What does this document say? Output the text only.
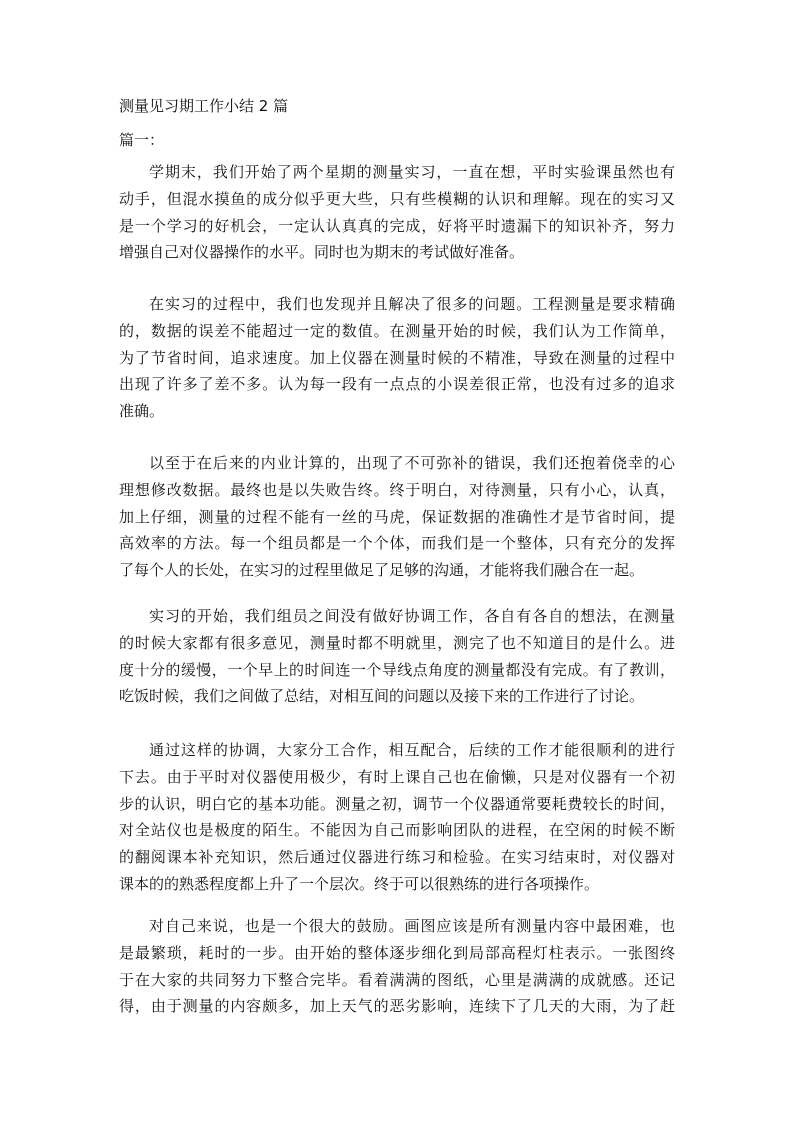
测量见习期工作小结 2 篇
篇一：
学期末，我们开始了两个星期的测量实习，一直在想，平时实验课虽然也有
动手，但混水摸鱼的成分似乎更大些，只有些模糊的认识和理解。现在的实习又
是一个学习的好机会，一定认认真真的完成，好将平时遗漏下的知识补齐，努力
增强自己对仪器操作的水平。同时也为期末的考试做好准备。
在实习的过程中，我们也发现并且解决了很多的问题。工程测量是要求精确
的，数据的误差不能超过一定的数值。在测量开始的时候，我们认为工作简单，
为了节省时间，追求速度。加上仪器在测量时候的不精准，导致在测量的过程中
出现了许多了差不多。认为每一段有一点点的小误差很正常，也没有过多的追求
准确。
以至于在后来的内业计算的，出现了不可弥补的错误，我们还抱着侥幸的心
理想修改数据。最终也是以失败告终。终于明白，对待测量，只有小心，认真，
加上仔细，测量的过程不能有一丝的马虎，保证数据的准确性才是节省时间，提
高效率的方法。每一个组员都是一个个体，而我们是一个整体，只有充分的发挥
了每个人的长处，在实习的过程里做足了足够的沟通，才能将我们融合在一起。
实习的开始，我们组员之间没有做好协调工作，各自有各自的想法，在测量
的时候大家都有很多意见，测量时都不明就里，测完了也不知道目的是什么。进
度十分的缓慢，一个早上的时间连一个导线点角度的测量都没有完成。有了教训，
吃饭时候，我们之间做了总结，对相互间的问题以及接下来的工作进行了讨论。
通过这样的协调，大家分工合作，相互配合，后续的工作才能很顺利的进行
下去。由于平时对仪器使用极少，有时上课自己也在偷懒，只是对仪器有一个初
步的认识，明白它的基本功能。测量之初，调节一个仪器通常要耗费较长的时间，
对全站仪也是极度的陌生。不能因为自己而影响团队的进程，在空闲的时候不断
的翻阅课本补充知识，然后通过仪器进行练习和检验。在实习结束时，对仪器对
课本的的熟悉程度都上升了一个层次。终于可以很熟练的进行各项操作。
对自己来说，也是一个很大的鼓励。画图应该是所有测量内容中最困难，也
是最繁琐，耗时的一步。由开始的整体逐步细化到局部高程灯柱表示。一张图终
于在大家的共同努力下整合完毕。看着满满的图纸，心里是满满的成就感。还记
得，由于测量的内容颇多，加上天气的恶劣影响，连续下了几天的大雨，为了赶
